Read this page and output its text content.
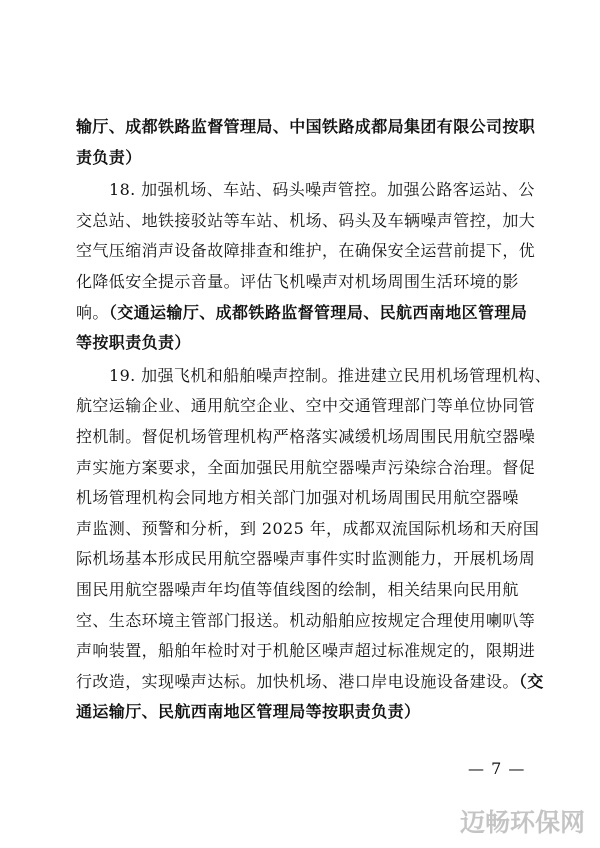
输厅、成都铁路监督管理局、中国铁路成都局集团有限公司按职
责负责）
18. 加强机场、车站、码头噪声管控。加强公路客运站、公
交总站、地铁接驳站等车站、机场、码头及车辆噪声管控，加大
空气压缩消声设备故障排查和维护，在确保安全运营前提下，优
化降低安全提示音量。评估飞机噪声对机场周围生活环境的影
响。（交通运输厅、成都铁路监督管理局、民航西南地区管理局
等按职责负责）
19. 加强飞机和船舶噪声控制。推进建立民用机场管理机构、
航空运输企业、通用航空企业、空中交通管理部门等单位协同管
控机制。督促机场管理机构严格落实减缓机场周围民用航空器噪
声实施方案要求，全面加强民用航空器噪声污染综合治理。督促
机场管理机构会同地方相关部门加强对机场周围民用航空器噪
声监测、预警和分析，到 2025 年，成都双流国际机场和天府国
际机场基本形成民用航空器噪声事件实时监测能力，开展机场周
围民用航空器噪声年均值等值线图的绘制，相关结果向民用航
空、生态环境主管部门报送。机动船舶应按规定合理使用喇叭等
声响装置，船舶年检时对于机舱区噪声超过标准规定的，限期进
行改造，实现噪声达标。加快机场、港口岸电设施设备建设。（交
通运输厅、民航西南地区管理局等按职责负责）
— 7 —
迈畅环保网
